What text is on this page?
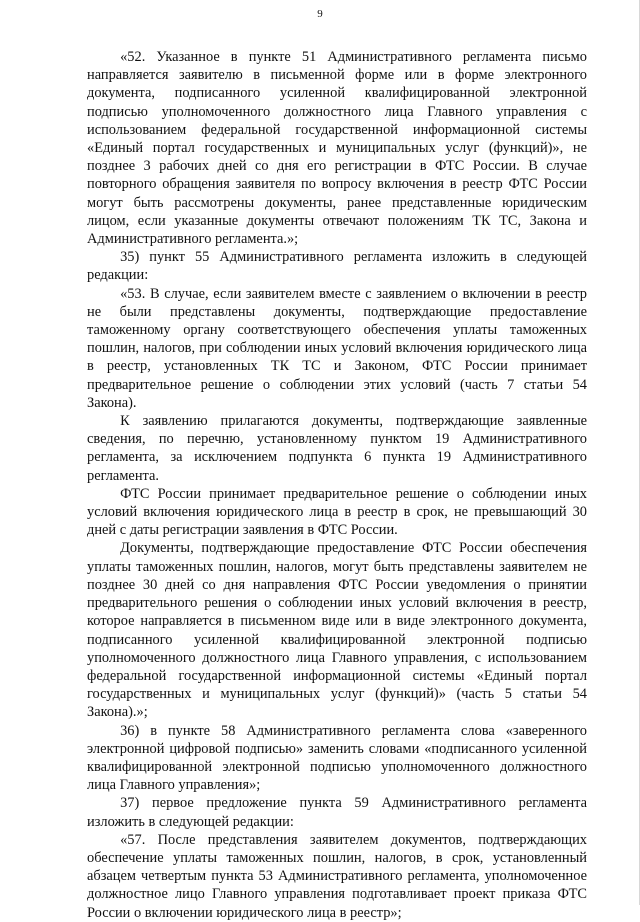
9

«52. Указанное в пункте 51 Административного регламента письмо направляется заявителю в письменной форме или в форме электронного документа, подписанного усиленной квалифицированной электронной подписью уполномоченного должностного лица Главного управления с использованием федеральной государственной информационной системы «Единый портал государственных и муниципальных услуг (функций)», не позднее 3 рабочих дней со дня его регистрации в ФТС России. В случае повторного обращения заявителя по вопросу включения в реестр ФТС России могут быть рассмотрены документы, ранее представленные юридическим лицом, если указанные документы отвечают положениям ТК ТС, Закона и Административного регламента.»;

35) пункт 55 Административного регламента изложить в следующей редакции:

«53. В случае, если заявителем вместе с заявлением о включении в реестр не были представлены документы, подтверждающие предоставление таможенному органу соответствующего обеспечения уплаты таможенных пошлин, налогов, при соблюдении иных условий включения юридического лица в реестр, установленных ТК ТС и Законом, ФТС России принимает предварительное решение о соблюдении этих условий (часть 7 статьи 54 Закона).

К заявлению прилагаются документы, подтверждающие заявленные сведения, по перечню, установленному пунктом 19 Административного регламента, за исключением подпункта 6 пункта 19 Административного регламента.

ФТС России принимает предварительное решение о соблюдении иных условий включения юридического лица в реестр в срок, не превышающий 30 дней с даты регистрации заявления в ФТС России.

Документы, подтверждающие предоставление ФТС России обеспечения уплаты таможенных пошлин, налогов, могут быть представлены заявителем не позднее 30 дней со дня направления ФТС России уведомления о принятии предварительного решения о соблюдении иных условий включения в реестр, которое направляется в письменном виде или в виде электронного документа, подписанного усиленной квалифицированной электронной подписью уполномоченного должностного лица Главного управления, с использованием федеральной государственной информационной системы «Единый портал государственных и муниципальных услуг (функций)» (часть 5 статьи 54 Закона).»;

36) в пункте 58 Административного регламента слова «заверенного электронной цифровой подписью» заменить словами «подписанного усиленной квалифицированной электронной подписью уполномоченного должностного лица Главного управления»;

37) первое предложение пункта 59 Административного регламента изложить в следующей редакции:

«57. После представления заявителем документов, подтверждающих обеспечение уплаты таможенных пошлин, налогов, в срок, установленный абзацем четвертым пункта 53 Административного регламента, уполномоченное должностное лицо Главного управления подготавливает проект приказа ФТС России о включении юридического лица в реестр»;
